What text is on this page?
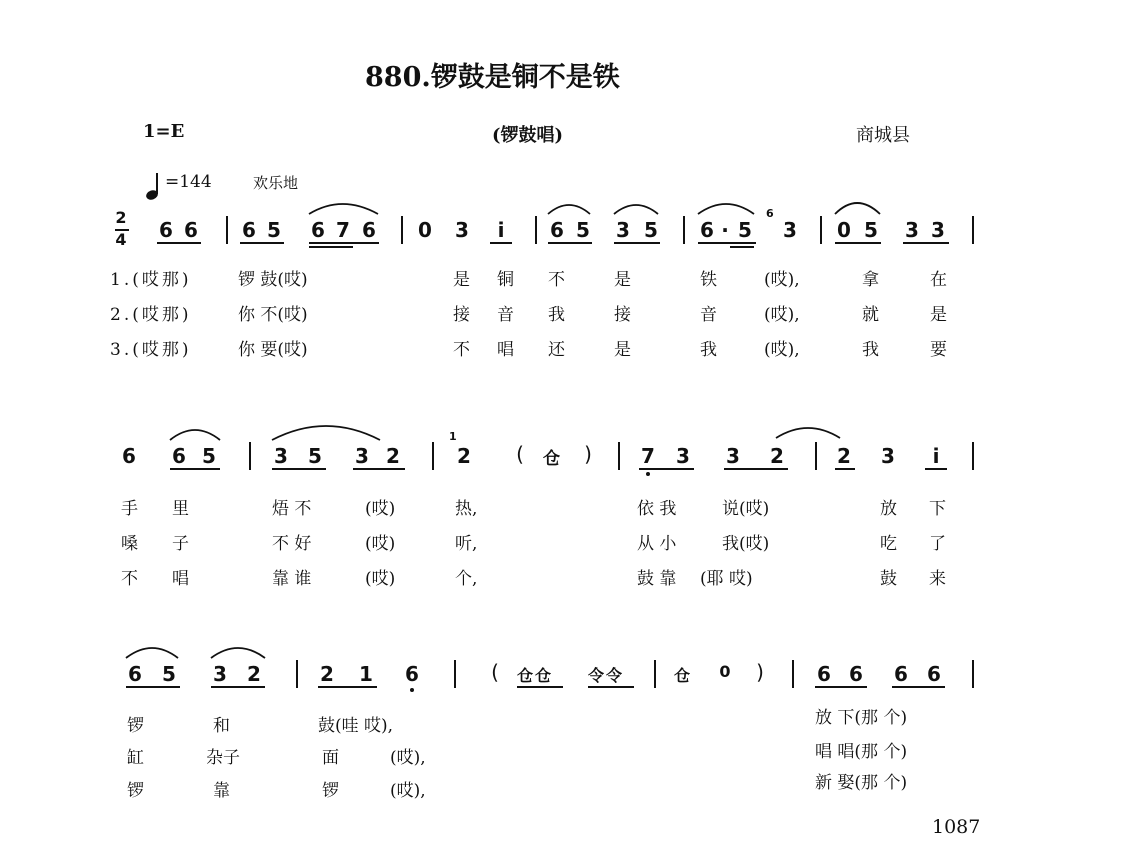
880.锣鼓是铜不是铁
1=E	(锣鼓唱)	商城县
=144	欢乐地
2
4 6 6 6 5 6 7 6 0 3	i	6 5 3 5 6 · 5
6
3 0 5 3 3
1.(哎那)	锣 鼓(哎)	是 铜 不	是	铁	(哎),	拿	在
2.(哎那)	你 不(哎)	接 音 我	接	音	(哎),	就	是
3.(哎那)	你 要(哎)	不 唱 还	是	我	(哎),	我	要
6 6 5	3 5 3 2
1
2	(	仓	)	7 3 3 2	2 3	i
手 里	焐 不	(哎)	热,	依 我	说(哎)	放 下
嗓 子	不 好	(哎)	听,	从 小	我(哎)	吃 了
不 唱	靠 谁	(哎)	个,	鼓 靠 (耶 哎)	鼓 来
6 5 3 2	2 1 6	(	仓仓 令令	仓	0	)	6 6 6 6
锣	和	鼓(哇 哎),	放 下(那 个)
缸	杂子	面	(哎),	唱 唱(那 个)
锣	靠	锣	(哎),	新 娶(那 个)
1087
